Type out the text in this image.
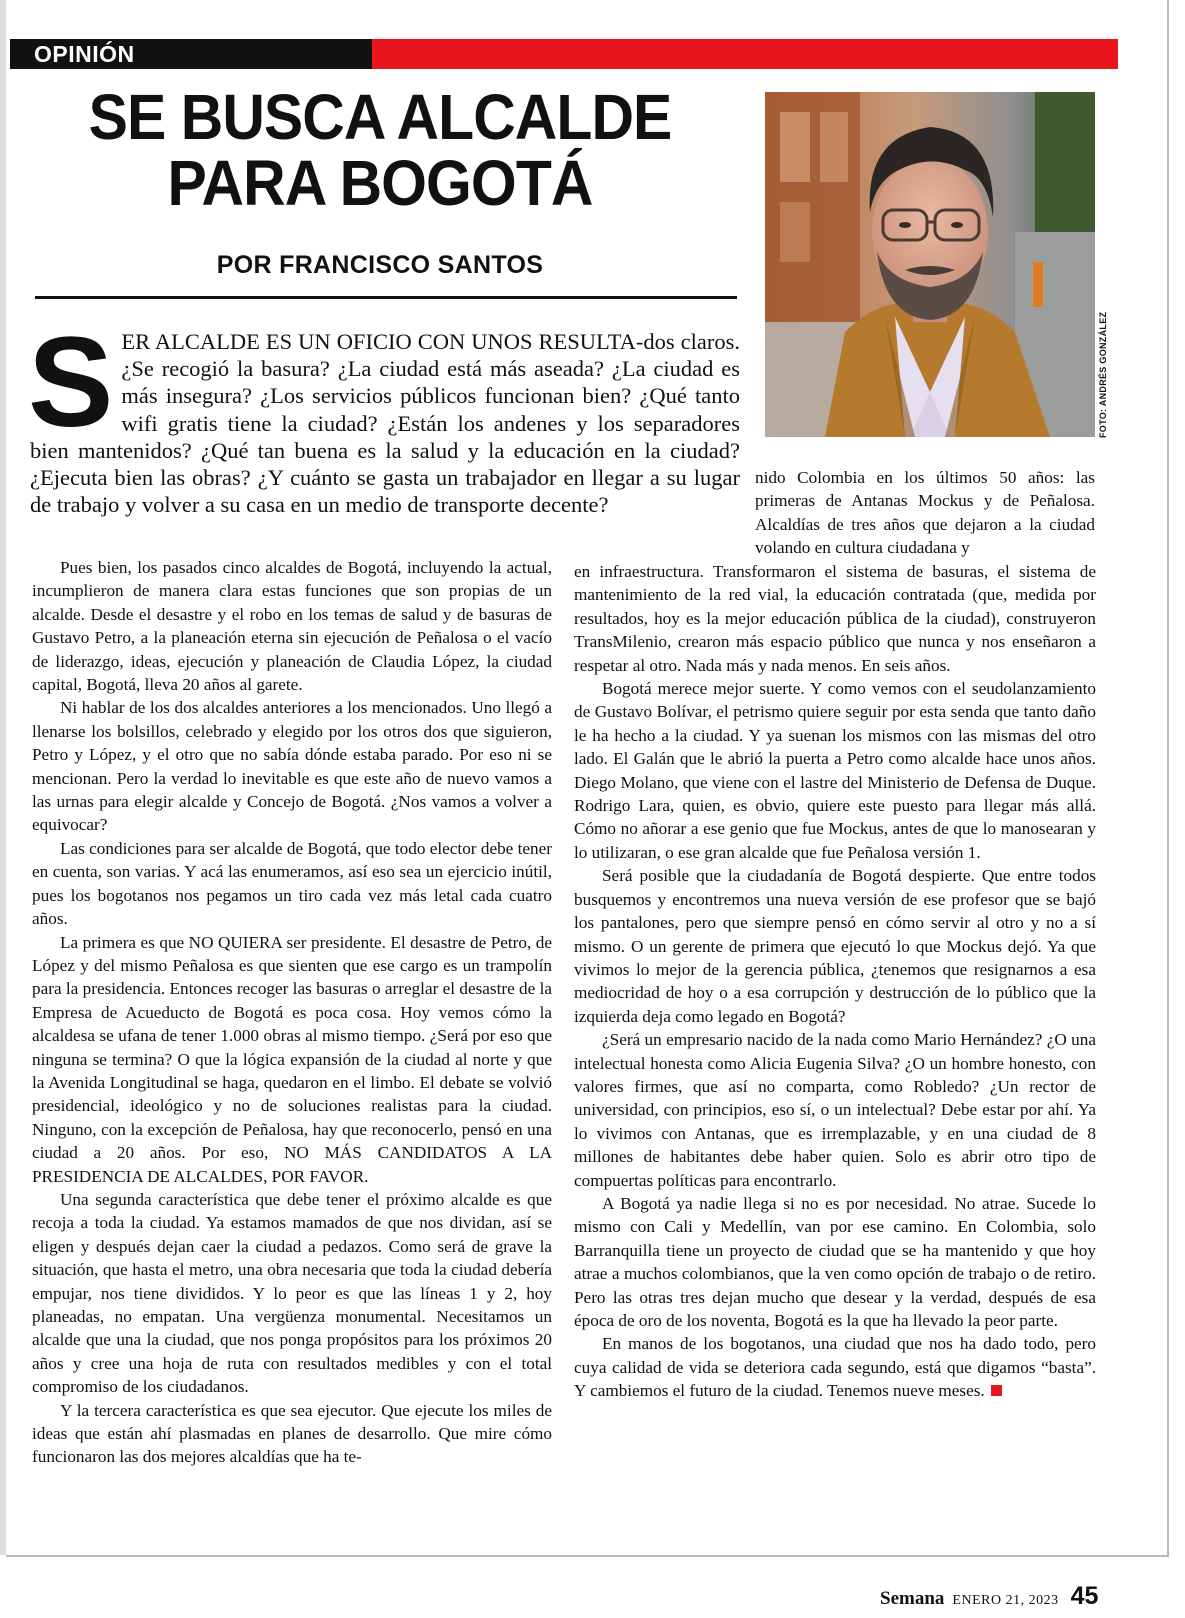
OPINIÓN
SE BUSCA ALCALDE
PARA BOGOTÁ
POR FRANCISCO SANTOS
FOTO: ANDRÉS GONZÁLEZ

SER ALCALDE ES UN OFICIO CON UNOS RESULTA-dos claros. ¿Se recogió la basura? ¿La ciudad está más aseada? ¿La ciudad es más insegura? ¿Los servicios públicos funcionan bien? ¿Qué tanto wifi gratis tiene la ciudad? ¿Están los andenes y los separadores bien mantenidos? ¿Qué tan buena es la salud y la educación en la ciudad? ¿Ejecuta bien las obras? ¿Y cuánto se gasta un trabajador en llegar a su lugar de trabajo y volver a su casa en un medio de transporte decente?

Pues bien, los pasados cinco alcaldes de Bogotá, incluyendo la actual, incumplieron de manera clara estas funciones que son propias de un alcalde. Desde el desastre y el robo en los temas de salud y de basuras de Gustavo Petro, a la planeación eterna sin ejecución de Peñalosa o el vacío de liderazgo, ideas, ejecución y planeación de Claudia López, la ciudad capital, Bogotá, lleva 20 años al garete.

Ni hablar de los dos alcaldes anteriores a los mencionados. Uno llegó a llenarse los bolsillos, celebrado y elegido por los otros dos que siguieron, Petro y López, y el otro que no sabía dónde estaba parado. Por eso ni se mencionan. Pero la verdad lo inevitable es que este año de nuevo vamos a las urnas para elegir alcalde y Concejo de Bogotá. ¿Nos vamos a volver a equivocar?

Las condiciones para ser alcalde de Bogotá, que todo elector debe tener en cuenta, son varias. Y acá las enumeramos, así eso sea un ejercicio inútil, pues los bogotanos nos pegamos un tiro cada vez más letal cada cuatro años.

La primera es que NO QUIERA ser presidente. El desastre de Petro, de López y del mismo Peñalosa es que sienten que ese cargo es un trampolín para la presidencia. Entonces recoger las basuras o arreglar el desastre de la Empresa de Acueducto de Bogotá es poca cosa. Hoy vemos cómo la alcaldesa se ufana de tener 1.000 obras al mismo tiempo. ¿Será por eso que ninguna se termina? O que la lógica expansión de la ciudad al norte y que la Avenida Longitudinal se haga, quedaron en el limbo. El debate se volvió presidencial, ideológico y no de soluciones realistas para la ciudad. Ninguno, con la excepción de Peñalosa, hay que reconocerlo, pensó en una ciudad a 20 años. Por eso, NO MÁS CANDIDATOS A LA PRESIDENCIA DE ALCALDES, POR FAVOR.

Una segunda característica que debe tener el próximo alcalde es que recoja a toda la ciudad. Ya estamos mamados de que nos dividan, así se eligen y después dejan caer la ciudad a pedazos. Como será de grave la situación, que hasta el metro, una obra necesaria que toda la ciudad debería empujar, nos tiene divididos. Y lo peor es que las líneas 1 y 2, hoy planeadas, no empatan. Una vergüenza monumental. Necesitamos un alcalde que una la ciudad, que nos ponga propósitos para los próximos 20 años y cree una hoja de ruta con resultados medibles y con el total compromiso de los ciudadanos.

Y la tercera característica es que sea ejecutor. Que ejecute los miles de ideas que están ahí plasmadas en planes de desarrollo. Que mire cómo funcionaron las dos mejores alcaldías que ha te-

nido Colombia en los últimos 50 años: las primeras de Antanas Mockus y de Peñalosa. Alcaldías de tres años que dejaron a la ciudad volando en cultura ciudadana y

en infraestructura. Transformaron el sistema de basuras, el sistema de mantenimiento de la red vial, la educación contratada (que, medida por resultados, hoy es la mejor educación pública de la ciudad), construyeron TransMilenio, crearon más espacio público que nunca y nos enseñaron a respetar al otro. Nada más y nada menos. En seis años.

Bogotá merece mejor suerte. Y como vemos con el seudolanzamiento de Gustavo Bolívar, el petrismo quiere seguir por esta senda que tanto daño le ha hecho a la ciudad. Y ya suenan los mismos con las mismas del otro lado. El Galán que le abrió la puerta a Petro como alcalde hace unos años. Diego Molano, que viene con el lastre del Ministerio de Defensa de Duque. Rodrigo Lara, quien, es obvio, quiere este puesto para llegar más allá. Cómo no añorar a ese genio que fue Mockus, antes de que lo manosearan y lo utilizaran, o ese gran alcalde que fue Peñalosa versión 1.

Será posible que la ciudadanía de Bogotá despierte. Que entre todos busquemos y encontremos una nueva versión de ese profesor que se bajó los pantalones, pero que siempre pensó en cómo servir al otro y no a sí mismo. O un gerente de primera que ejecutó lo que Mockus dejó. Ya que vivimos lo mejor de la gerencia pública, ¿tenemos que resignarnos a esa mediocridad de hoy o a esa corrupción y destrucción de lo público que la izquierda deja como legado en Bogotá?

¿Será un empresario nacido de la nada como Mario Hernández? ¿O una intelectual honesta como Alicia Eugenia Silva? ¿O un hombre honesto, con valores firmes, que así no comparta, como Robledo? ¿Un rector de universidad, con principios, eso sí, o un intelectual? Debe estar por ahí. Ya lo vivimos con Antanas, que es irremplazable, y en una ciudad de 8 millones de habitantes debe haber quien. Solo es abrir otro tipo de compuertas políticas para encontrarlo.

A Bogotá ya nadie llega si no es por necesidad. No atrae. Sucede lo mismo con Cali y Medellín, van por ese camino. En Colombia, solo Barranquilla tiene un proyecto de ciudad que se ha mantenido y que hoy atrae a muchos colombianos, que la ven como opción de trabajo o de retiro. Pero las otras tres dejan mucho que desear y la verdad, después de esa época de oro de los noventa, Bogotá es la que ha llevado la peor parte.

En manos de los bogotanos, una ciudad que nos ha dado todo, pero cuya calidad de vida se deteriora cada segundo, está que digamos “basta”. Y cambiemos el futuro de la ciudad. Tenemos nueve meses.

Semana ENERO 21, 2023 45
